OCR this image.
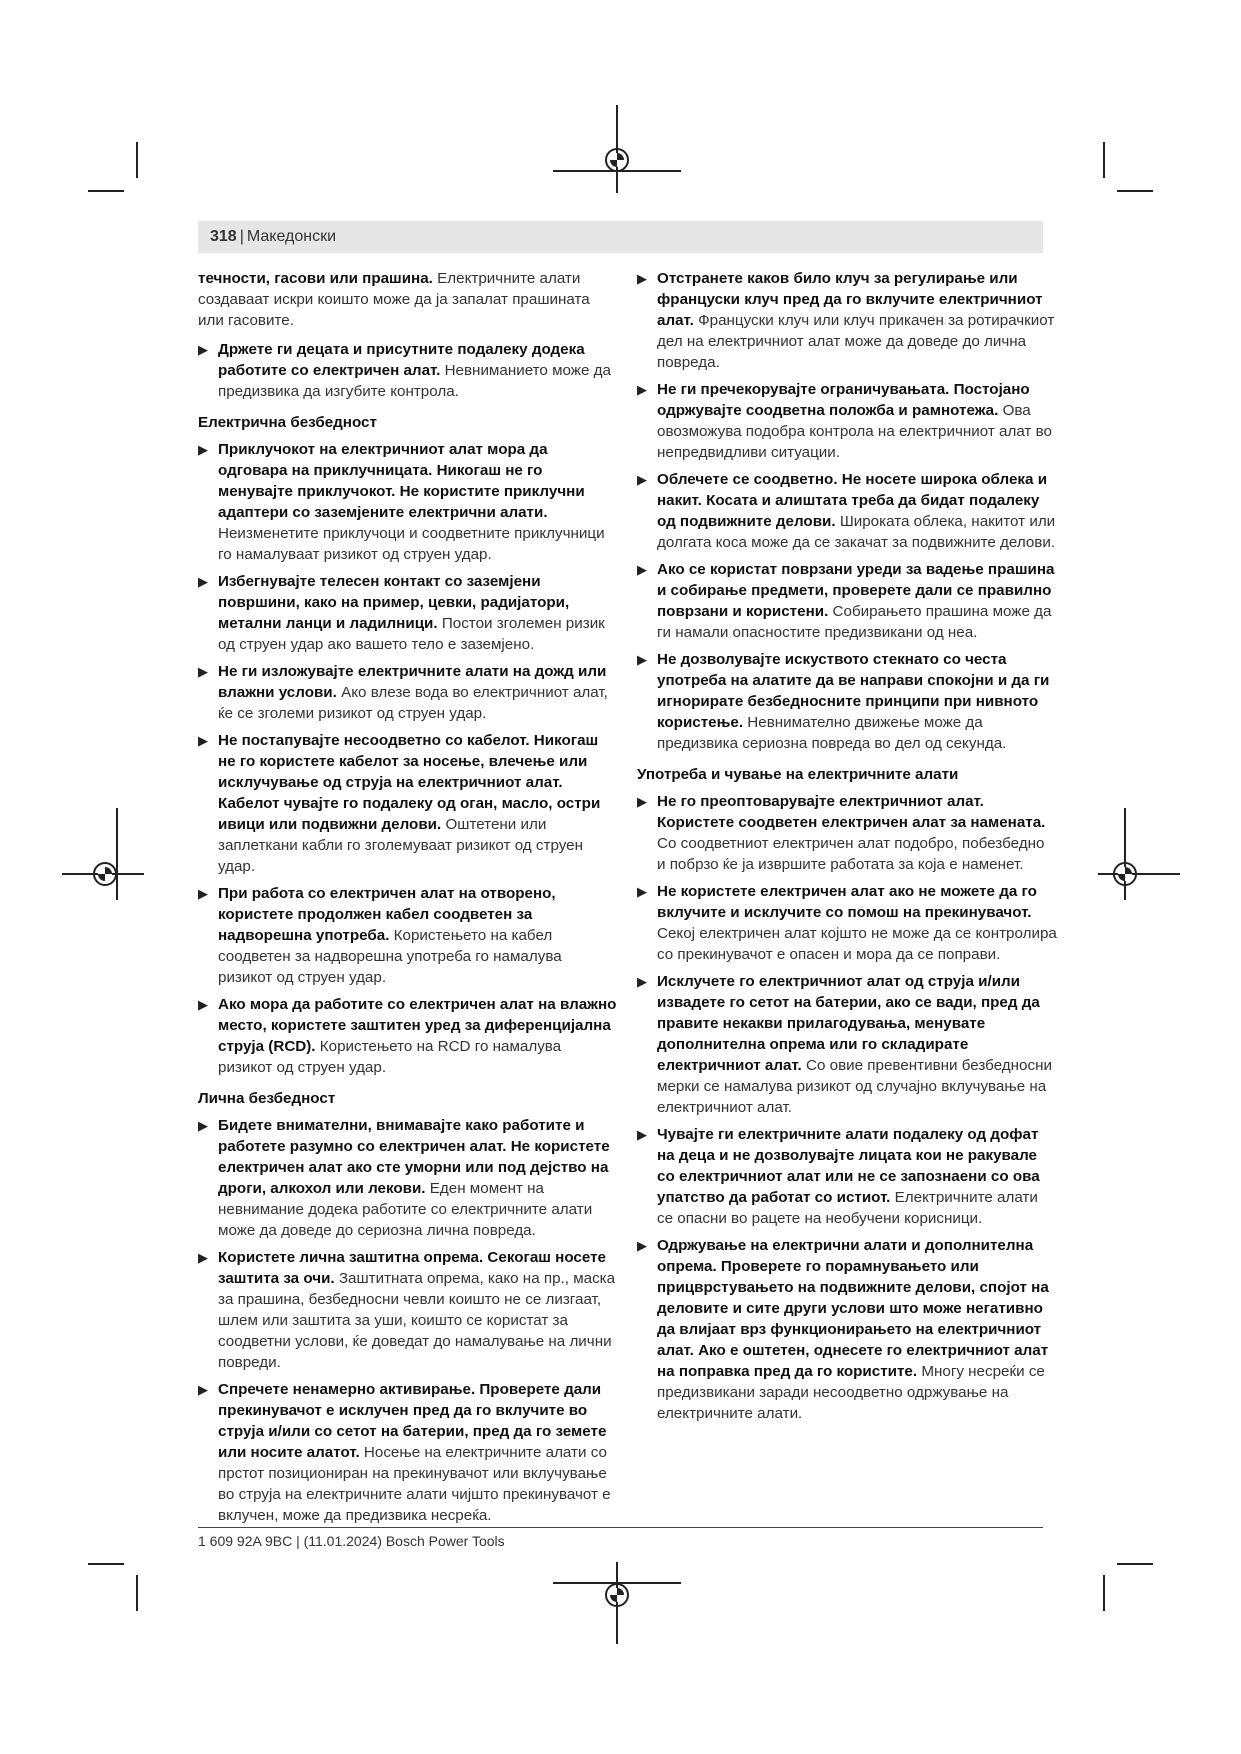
318 | Македонски

течности, гасови или прашина. Електричните алати создаваат искри коишто може да ја запалат прашината или гасовите.

▶ Држете ги децата и присутните подалеку додека работите со електричен алат. Невниманието може да предизвика да изгубите контрола.
Електрична безбедност
▶ Приклучокот на електричниот алат мора да одговара на приклучницата. Никогаш не го менувајте приклучокот. Не користите приклучни адаптери со заземјените електрични алати. Неизменетите приклучоци и соодветните приклучници го намалуваат ризикот од струен удар.
▶ Избегнувајте телесен контакт со заземјени површини, како на пример, цевки, радијатори, метални ланци и ладилници. Постои зголемен ризик од струен удар ако вашето тело е заземјено.
▶ Не ги изложувајте електричните алати на дожд или влажни услови. Ако влезе вода во електричниот алат, ќе се зголеми ризикот од струен удар.
▶ Не постапувајте несоодветно со кабелот. Никогаш не го користете кабелот за носење, влечење или исклучување од струја на електричниот алат. Кабелот чувајте го подалеку од оган, масло, остри ивици или подвижни делови. Оштетени или заплеткани кабли го зголемуваат ризикот од струен удар.
▶ При работа со електричен алат на отворено, користете продолжен кабел соодветен за надворешна употреба. Користењето на кабел соодветен за надворешна употреба го намалува ризикот од струен удар.
▶ Ако мора да работите со електричен алат на влажно место, користете заштитен уред за диференцијална струја (RCD). Користењето на RCD го намалува ризикот од струен удар.
Лична безбедност
▶ Бидете внимателни, внимавајте како работите и работете разумно со електричен алат. Не користете електричен алат ако сте уморни или под дејство на дроги, алкохол или лекови. Еден момент на невнимание додека работите со електричните алати може да доведе до сериозна лична повреда.
▶ Користете лична заштитна опрема. Секогаш носете заштита за очи. Заштитната опрема, како на пр., маска за прашина, безбедносни чевли коишто не се лизгаат, шлем или заштита за уши, коишто се користат за соодветни услови, ќе доведат до намалување на лични повреди.
▶ Спречете ненамерно активирање. Проверете дали прекинувачот е исклучен пред да го вклучите во струја и/или со сетот на батерии, пред да го земете или носите алатот. Носење на електричните алати со прстот позициониран на прекинувачот или вклучување во струја на електричните алати чијшто прекинувачот е вклучен, може да предизвика несреќа.
▶ Отстранете каков било клуч за регулирање или француски клуч пред да го вклучите електричниот алат. Француски клуч или клуч прикачен за ротирачкиот дел на електричниот алат може да доведе до лична повреда.
▶ Не ги пречекорувајте ограничувањата. Постојано одржувајте соодветна положба и рамнотежа. Ова овозможува подобра контрола на електричниот алат во непредвидливи ситуации.
▶ Облечете се соодветно. Не носете широка облека и накит. Косата и алиштата треба да бидат подалеку од подвижните делови. Широката облека, накитот или долгата коса може да се закачат за подвижните делови.
▶ Ако се користат поврзани уреди за вадење прашина и собирање предмети, проверете дали се правилно поврзани и користени. Собирањето прашина може да ги намали опасностите предизвикани од неа.
▶ Не дозволувајте искуството стекнато со честа употреба на алатите да ве направи спокојни и да ги игнорирате безбедносните принципи при нивното користење. Невнимателно движење може да предизвика сериозна повреда во дел од секунда.
Употреба и чување на електричните алати
▶ Не го преоптоварувајте електричниот алат. Користете соодветен електричен алат за намената. Со соодветниот електричен алат подобро, побезбедно и побрзо ќе ја извршите работата за која е наменет.
▶ Не користете електричен алат ако не можете да го вклучите и исклучите со помош на прекинувачот. Секој електричен алат којшто не може да се контролира со прекинувачот е опасен и мора да се поправи.
▶ Исклучете го електричниот алат од струја и/или извадете го сетот на батерии, ако се вади, пред да правите некакви прилагодувања, менувате дополнителна опрема или го складирате електричниот алат. Со овие превентивни безбедносни мерки се намалува ризикот од случајно вклучување на електричниот алат.
▶ Чувајте ги електричните алати подалеку од дофат на деца и не дозволувајте лицата кои не ракувале со електричниот алат или не се запознаени со ова упатство да работат со истиот. Електричните алати се опасни во рацете на необучени корисници.
▶ Одржување на електрични алати и дополнителна опрема. Проверете го порамнувањето или прицврстувањето на подвижните делови, спојот на деловите и сите други услови што може негативно да влијаат врз функционирањето на електричниот алат. Ако е оштетен, однесете го електричниот алат на поправка пред да го користите. Многу несреќи се предизвикани заради несоодветно одржување на електричните алати.
1 609 92A 9BC | (11.01.2024) Bosch Power Tools
